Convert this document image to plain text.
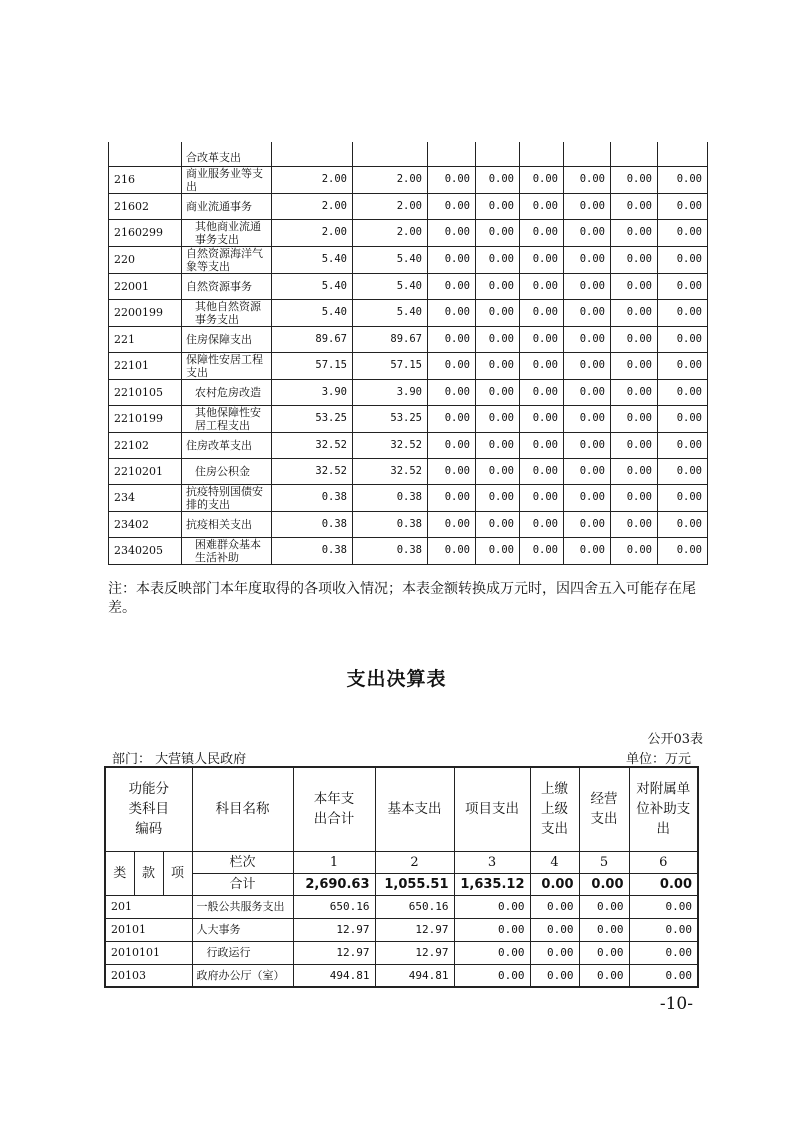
	合改革支出								
216	商业服务业等支出	2.00	2.00	0.00	0.00	0.00	0.00	0.00	0.00
21602	商业流通事务	2.00	2.00	0.00	0.00	0.00	0.00	0.00	0.00
2160299	其他商业流通事务支出	2.00	2.00	0.00	0.00	0.00	0.00	0.00	0.00
220	自然资源海洋气象等支出	5.40	5.40	0.00	0.00	0.00	0.00	0.00	0.00
22001	自然资源事务	5.40	5.40	0.00	0.00	0.00	0.00	0.00	0.00
2200199	其他自然资源事务支出	5.40	5.40	0.00	0.00	0.00	0.00	0.00	0.00
221	住房保障支出	89.67	89.67	0.00	0.00	0.00	0.00	0.00	0.00
22101	保障性安居工程支出	57.15	57.15	0.00	0.00	0.00	0.00	0.00	0.00
2210105	农村危房改造	3.90	3.90	0.00	0.00	0.00	0.00	0.00	0.00
2210199	其他保障性安居工程支出	53.25	53.25	0.00	0.00	0.00	0.00	0.00	0.00
22102	住房改革支出	32.52	32.52	0.00	0.00	0.00	0.00	0.00	0.00
2210201	住房公积金	32.52	32.52	0.00	0.00	0.00	0.00	0.00	0.00
234	抗疫特别国债安排的支出	0.38	0.38	0.00	0.00	0.00	0.00	0.00	0.00
23402	抗疫相关支出	0.38	0.38	0.00	0.00	0.00	0.00	0.00	0.00
2340205	困难群众基本生活补助	0.38	0.38	0.00	0.00	0.00	0.00	0.00	0.00
注：本表反映部门本年度取得的各项收入情况；本表金额转换成万元时，因四舍五入可能存在尾差。
支出决算表
公开03表
部门： 大营镇人民政府	单位：万元
功能分类科目编码			科目名称	本年支出合计	基本支出	项目支出	上缴上级支出	经营支出	对附属单位补助支出
类	款	项	栏次	1	2	3	4	5	6
			合计	2,690.63	1,055.51	1,635.12	0.00	0.00	0.00
201			一般公共服务支出	650.16	650.16	0.00	0.00	0.00	0.00
20101			人大事务	12.97	12.97	0.00	0.00	0.00	0.00
2010101			行政运行	12.97	12.97	0.00	0.00	0.00	0.00
20103			政府办公厅（室）	494.81	494.81	0.00	0.00	0.00	0.00
-10-
